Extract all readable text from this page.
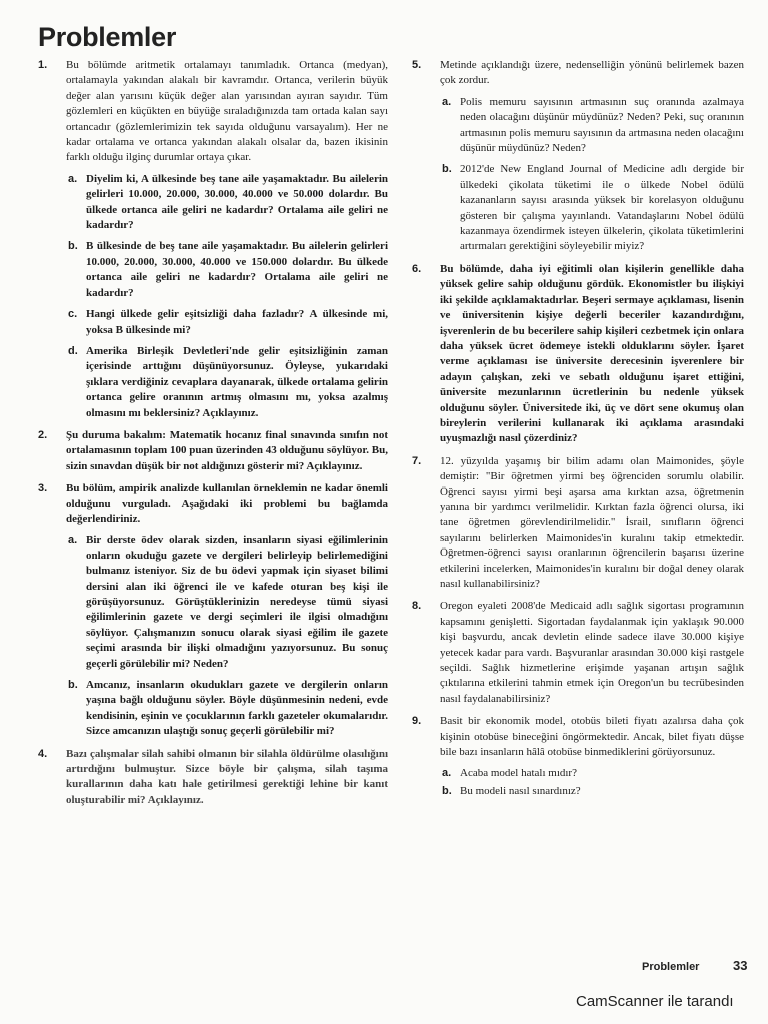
Problemler
1. Bu bölümde aritmetik ortalamayı tanımladık. Ortanca (medyan), ortalamayla yakından alakalı bir kavramdır. Ortanca, verilerin büyük değer alan yarısını küçük değer alan yarısından ayıran sayıdır. Tüm gözlemleri en küçükten en büyüğe sıraladığınızda tam ortada kalan sayı ortancadır (gözlemlerimizin tek sayıda olduğunu varsayalım). Her ne kadar ortalama ve ortanca yakından alakalı olsalar da, bazen ikisinin farklı olduğu ilginç durumlar ortaya çıkar.
a. Diyelim ki, A ülkesinde beş tane aile yaşamaktadır. Bu ailelerin gelirleri 10.000, 20.000, 30.000, 40.000 ve 50.000 dolardır. Bu ülkede ortanca aile geliri ne kadardır? Ortalama aile geliri ne kadardır?
b. B ülkesinde de beş tane aile yaşamaktadır. Bu ailelerin gelirleri 10.000, 20.000, 30.000, 40.000 ve 150.000 dolardır. Bu ülkede ortanca aile geliri ne kadardır? Ortalama aile geliri ne kadardır?
c. Hangi ülkede gelir eşitsizliği daha fazladır? A ülkesinde mi, yoksa B ülkesinde mi?
d. Amerika Birleşik Devletleri'nde gelir eşitsizliğinin zaman içerisinde arttığını düşünüyorsunuz. Öyleyse, yukarıdaki şıklara verdiğiniz cevaplara dayanarak, ülkede ortalama gelirin ortanca gelire oranının artmış olmasını mı, yoksa azalmış olmasını mı beklersiniz? Açıklayınız.
2. Şu duruma bakalım: Matematik hocanız final sınavında sınıfın not ortalamasının toplam 100 puan üzerinden 43 olduğunu söylüyor. Bu, sizin sınavdan düşük bir not aldığınızı gösterir mi? Açıklayınız.
3. Bu bölüm, ampirik analizde kullanılan örneklemin ne kadar önemli olduğunu vurguladı. Aşağıdaki iki problemi bu bağlamda değerlendiriniz.
a. Bir derste ödev olarak sizden, insanların siyasi eğilimlerinin onların okuduğu gazete ve dergileri belirleyip belirlemediğini bulmanız isteniyor. Siz de bu ödevi yapmak için siyaset bilimi dersini alan iki öğrenci ile ve kafede oturan beş kişi ile görüşüyorsunuz. Görüştüklerinizin neredeyse tümü siyasi eğilimlerinin gazete ve dergi seçimleri ile ilgisi olmadığını söylüyor. Çalışmanızın sonucu olarak siyasi eğilim ile gazete seçimi arasında bir ilişki olmadığını yazıyorsunuz. Bu sonuç geçerli görülebilir mi? Neden?
b. Amcanız, insanların okudukları gazete ve dergilerin onların yaşına bağlı olduğunu söyler. Böyle düşünmesinin nedeni, evde kendisinin, eşinin ve çocuklarının farklı gazeteler okumalarıdır. Sizce amcanızın ulaştığı sonuç geçerli görülebilir mi?
4. Bazı çalışmalar silah sahibi olmanın bir silahla öldürülme olasılığını artırdığını bulmuştur. Sizce böyle bir çalışma, silah taşıma kurallarının daha katı hale getirilmesi gerektiği lehine bir kanıt oluşturabilir mi? Açıklayınız.
5. Metinde açıklandığı üzere, nedenselliğin yönünü belirlemek bazen çok zordur.
a. Polis memuru sayısının artmasının suç oranında azalmaya neden olacağını düşünür müydünüz? Neden? Peki, suç oranının artmasının polis memuru sayısının da artmasına neden olacağını düşünür müydünüz? Neden?
b. 2012'de New England Journal of Medicine adlı dergide bir ülkedeki çikolata tüketimi ile o ülkede Nobel ödülü kazananların sayısı arasında yüksek bir korelasyon olduğunu gösteren bir çalışma yayınlandı. Vatandaşlarını Nobel ödülü kazanmaya özendirmek isteyen ülkelerin, çikolata tüketimlerini artırmaları gerektiğini söyleyebilir miyiz?
6. Bu bölümde, daha iyi eğitimli olan kişilerin genellikle daha yüksek gelire sahip olduğunu gördük. Ekonomistler bu ilişkiyi iki şekilde açıklamaktadırlar. Beşeri sermaye açıklaması, lisenin ve üniversitenin kişiye değerli beceriler kazandırdığını, işverenlerin de bu becerilere sahip kişileri cezbetmek için onlara daha yüksek ücret ödemeye istekli olduklarını söyler. İşaret verme açıklaması ise üniversite derecesinin işverenlere bir adayın çalışkan, zeki ve sebatlı olduğunu işaret ettiğini, üniversite mezunlarının ücretlerinin bu nedenle yüksek olduğunu söyler. Üniversitede iki, üç ve dört sene okumuş olan bireylerin verilerini kullanarak iki açıklama arasındaki uyuşmazlığı nasıl çözerdiniz?
7. 12. yüzyılda yaşamış bir bilim adamı olan Maimonides, şöyle demiştir: "Bir öğretmen yirmi beş öğrenciden sorumlu olabilir. Öğrenci sayısı yirmi beşi aşarsa ama kırktan azsa, öğretmenin yanına bir yardımcı verilmelidir. Kırktan fazla öğrenci olursa, iki tane öğretmen görevlendirilmelidir." İsrail, sınıfların öğrenci sayılarını belirlerken Maimonides'in kuralını takip etmektedir. Öğretmen-öğrenci sayısı oranlarının öğrencilerin başarısı üzerine etkilerini incelerken, Maimonides'in kuralını bir doğal deney olarak nasıl kullanabilirsiniz?
8. Oregon eyaleti 2008'de Medicaid adlı sağlık sigortası programının kapsamını genişletti. Sigortadan faydalanmak için yaklaşık 90.000 kişi başvurdu, ancak devletin elinde sadece ilave 30.000 kişiye yetecek kadar para vardı. Başvuranlar arasından 30.000 kişi rastgele seçildi. Sağlık hizmetlerine erişimde yaşanan artışın sağlık çıktılarına etkilerini tahmin etmek için Oregon'un bu tecrübesinden nasıl faydalanabilirsiniz?
9. Basit bir ekonomik model, otobüs bileti fiyatı azalırsa daha çok kişinin otobüse bineceğini öngörmektedir. Ancak, bilet fiyatı düşse bile bazı insanların hâlâ otobüse binmediklerini görüyorsunuz.
a. Acaba model hatalı mıdır?
b. Bu modeli nasıl sınardınız?
Problemler	33
CamScanner ile tarandı
